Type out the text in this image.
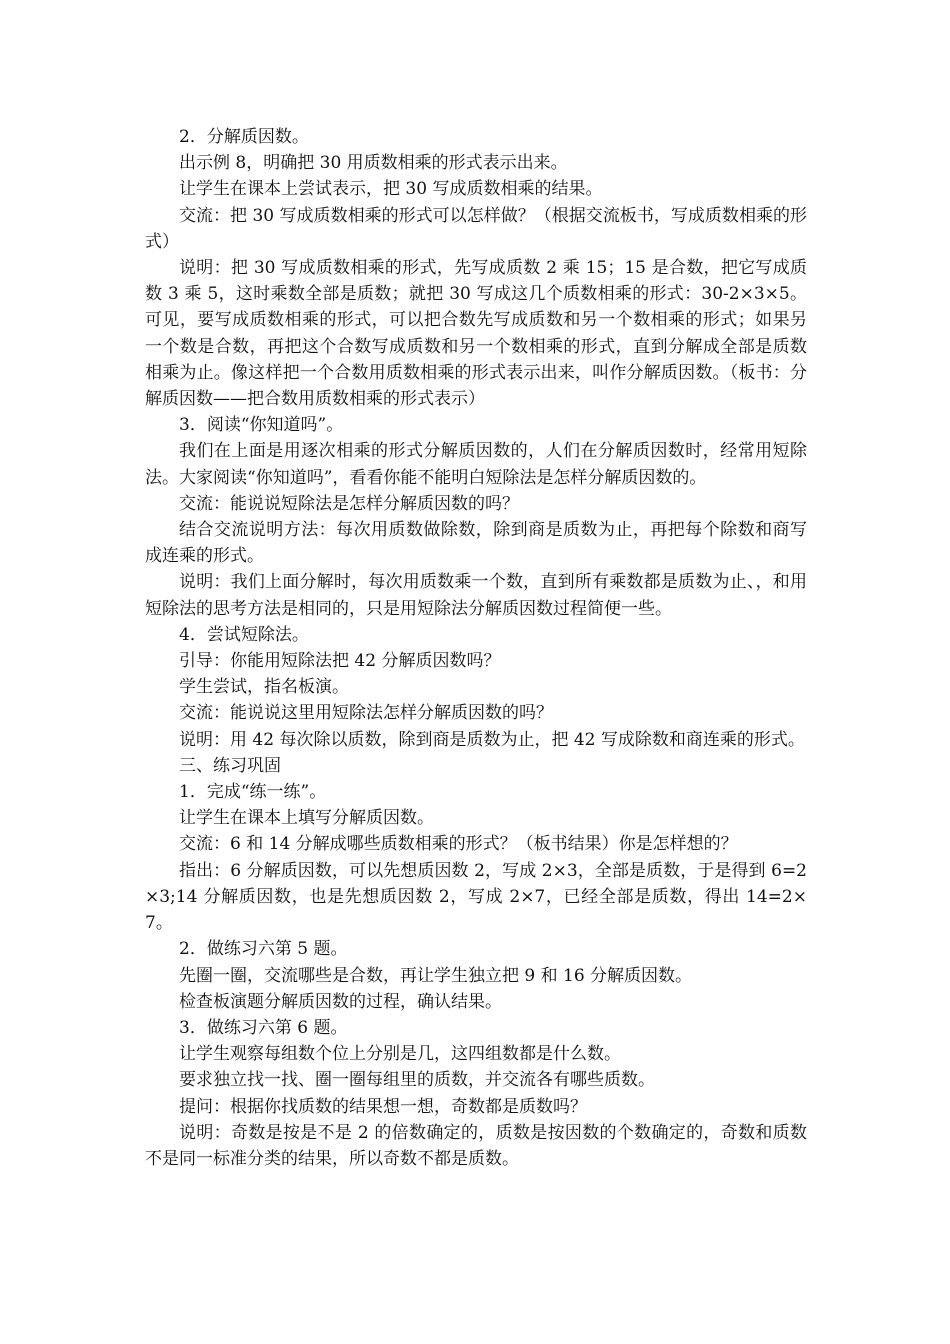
2．分解质因数。

出示例 8，明确把 30 用质数相乘的形式表示出来。

让学生在课本上尝试表示，把 30 写成质数相乘的结果。

交流：把 30 写成质数相乘的形式可以怎样做？（根据交流板书，写成质数相乘的形式）

说明：把 30 写成质数相乘的形式，先写成质数 2 乘 15；15 是合数，把它写成质数 3 乘 5，这时乘数全部是质数；就把 30 写成这几个质数相乘的形式：30-2×3×5。可见，要写成质数相乘的形式，可以把合数先写成质数和另一个数相乘的形式；如果另一个数是合数，再把这个合数写成质数和另一个数相乘的形式，直到分解成全部是质数相乘为止。像这样把一个合数用质数相乘的形式表示出来，叫作分解质因数。（板书：分解质因数——把合数用质数相乘的形式表示）

3．阅读“你知道吗”。

我们在上面是用逐次相乘的形式分解质因数的，人们在分解质因数时，经常用短除法。大家阅读“你知道吗”，看看你能不能明白短除法是怎样分解质因数的。

交流：能说说短除法是怎样分解质因数的吗？

结合交流说明方法：每次用质数做除数，除到商是质数为止，再把每个除数和商写成连乘的形式。

说明：我们上面分解时，每次用质数乘一个数，直到所有乘数都是质数为止、，和用短除法的思考方法是相同的，只是用短除法分解质因数过程简便一些。

4．尝试短除法。

引导：你能用短除法把 42 分解质因数吗？

学生尝试，指名板演。

交流：能说说这里用短除法怎样分解质因数的吗？

说明：用 42 每次除以质数，除到商是质数为止，把 42 写成除数和商连乘的形式。

三、练习巩固

1．完成“练一练”。

让学生在课本上填写分解质因数。

交流：6 和 14 分解成哪些质数相乘的形式？（板书结果）你是怎样想的？

指出：6 分解质因数，可以先想质因数 2，写成 2×3，全部是质数，于是得到 6=2×3;14 分解质因数，也是先想质因数 2，写成 2×7，已经全部是质数，得出 14=2×7。

2．做练习六第 5 题。

先圈一圈，交流哪些是合数，再让学生独立把 9 和 16 分解质因数。

检查板演题分解质因数的过程，确认结果。

3．做练习六第 6 题。

让学生观察每组数个位上分别是几，这四组数都是什么数。

要求独立找一找、圈一圈每组里的质数，并交流各有哪些质数。

提问：根据你找质数的结果想一想，奇数都是质数吗？

说明：奇数是按是不是 2 的倍数确定的，质数是按因数的个数确定的，奇数和质数不是同一标准分类的结果，所以奇数不都是质数。
